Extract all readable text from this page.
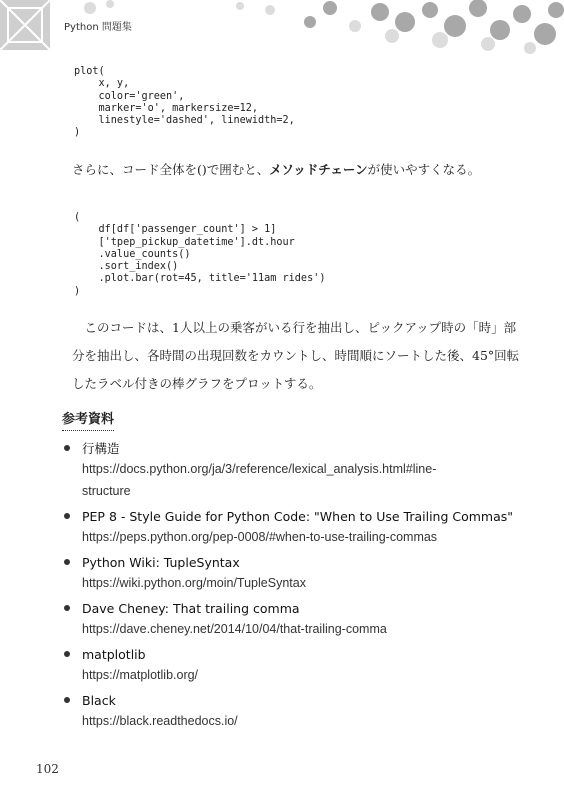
Python 問題集
plot(
x, y,
color='green',
marker='o', markersize=12,
linestyle='dashed', linewidth=2,
)
さらに、コード全体を()で囲むと、メソッドチェーンが使いやすくなる。
(
df[df['passenger_count'] > 1]
['tpep_pickup_datetime'].dt.hour
.value_counts()
.sort_index()
.plot.bar(rot=45, title='11am rides')
)
　このコードは、1人以上の乗客がいる行を抽出し、ピックアップ時の「時」部
分を抽出し、各時間の出現回数をカウントし、時間順にソートした後、45°回転
したラベル付きの棒グラフをプロットする。
参考資料
行構造
https://docs.python.org/ja/3/reference/lexical_analysis.html#line-
structure
PEP 8 - Style Guide for Python Code: "When to Use Trailing Commas"
https://peps.python.org/pep-0008/#when-to-use-trailing-commas
Python Wiki: TupleSyntax
https://wiki.python.org/moin/TupleSyntax
Dave Cheney: That trailing comma
https://dave.cheney.net/2014/10/04/that-trailing-comma
matplotlib
https://matplotlib.org/
Black
https://black.readthedocs.io/
102
